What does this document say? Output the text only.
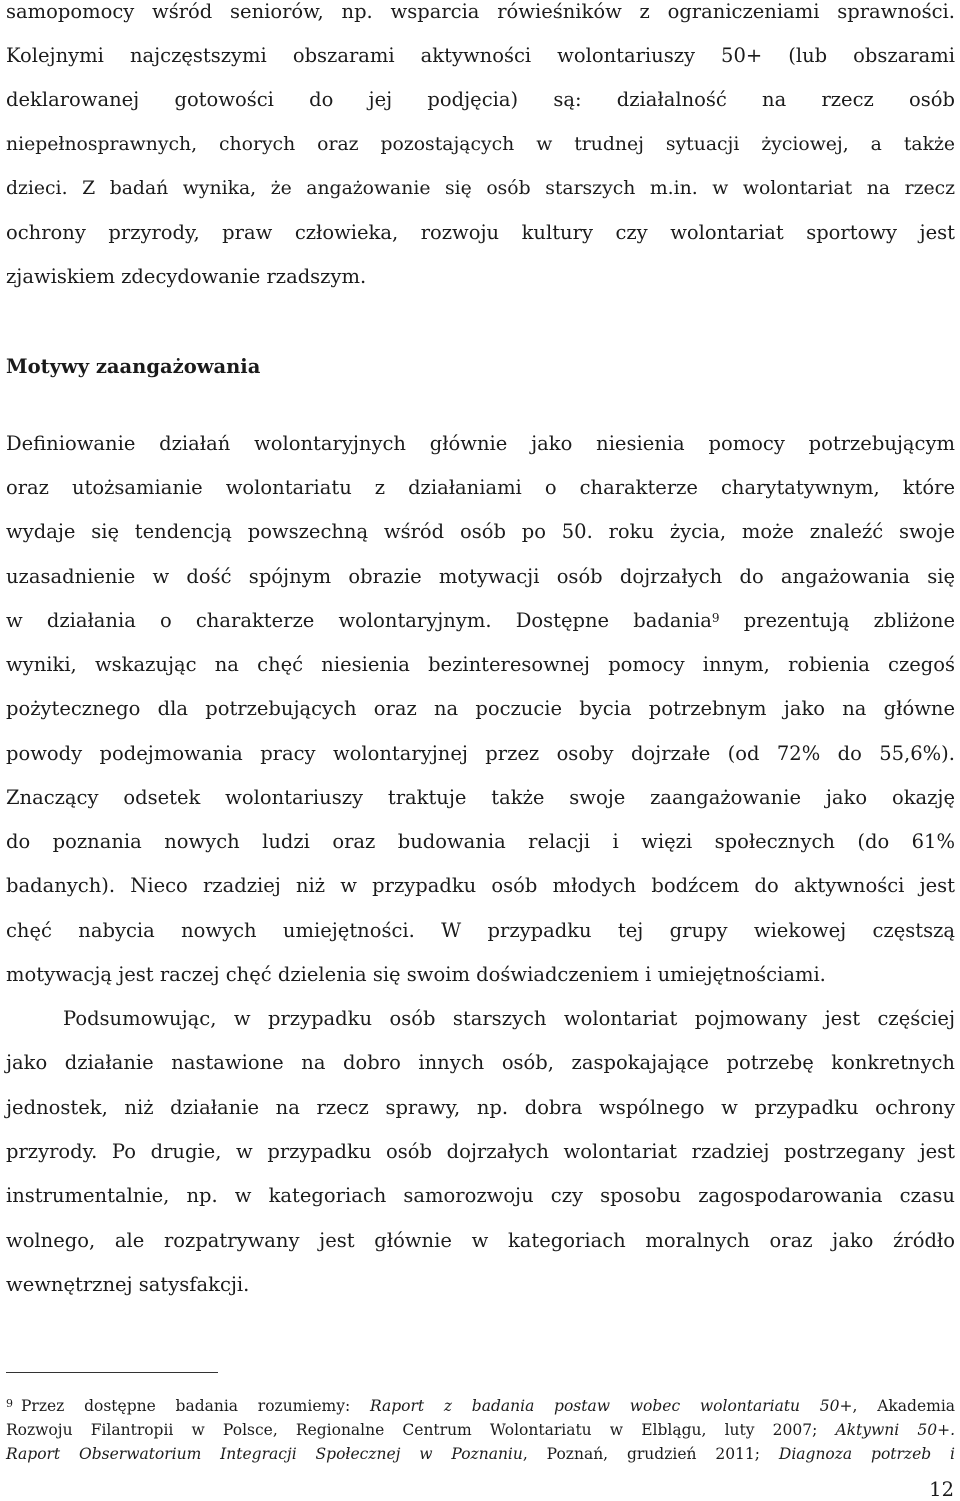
samopomocy wśród seniorów, np. wsparcia rówieśników z ograniczeniami sprawności.
Kolejnymi najczęstszymi obszarami aktywności wolontariuszy 50+ (lub obszarami
deklarowanej gotowości do jej podjęcia) są: działalność na rzecz osób
niepełnosprawnych, chorych oraz pozostających w trudnej sytuacji życiowej, a także
dzieci. Z badań wynika, że angażowanie się osób starszych m.in. w wolontariat na rzecz
ochrony przyrody, praw człowieka, rozwoju kultury czy wolontariat sportowy jest
zjawiskiem zdecydowanie rzadszym.
Motywy zaangażowania
Definiowanie działań wolontaryjnych głównie jako niesienia pomocy potrzebującym
oraz utożsamianie wolontariatu z działaniami o charakterze charytatywnym, które
wydaje się tendencją powszechną wśród osób po 50. roku życia, może znaleźć swoje
uzasadnienie w dość spójnym obrazie motywacji osób dojrzałych do angażowania się
w działania o charakterze wolontaryjnym. Dostępne badania$^9$ prezentują zbliżone
wyniki, wskazując na chęć niesienia bezinteresownej pomocy innym, robienia czegoś
pożytecznego dla potrzebujących oraz na poczucie bycia potrzebnym jako na główne
powody podejmowania pracy wolontaryjnej przez osoby dojrzałe (od 72% do 55,6%).
Znaczący odsetek wolontariuszy traktuje także swoje zaangażowanie jako okazję
do poznania nowych ludzi oraz budowania relacji i więzi społecznych (do 61%
badanych). Nieco rzadziej niż w przypadku osób młodych bodźcem do aktywności jest
chęć nabycia nowych umiejętności. W przypadku tej grupy wiekowej częstszą
motywacją jest raczej chęć dzielenia się swoim doświadczeniem i umiejętnościami.
Podsumowując, w przypadku osób starszych wolontariat pojmowany jest częściej
jako działanie nastawione na dobro innych osób, zaspokajające potrzebę konkretnych
jednostek, niż działanie na rzecz sprawy, np. dobra wspólnego w przypadku ochrony
przyrody. Po drugie, w przypadku osób dojrzałych wolontariat rzadziej postrzegany jest
instrumentalnie, np. w kategoriach samorozwoju czy sposobu zagospodarowania czasu
wolnego, ale rozpatrywany jest głównie w kategoriach moralnych oraz jako źródło
wewnętrznej satysfakcji.
$^9$ Przez dostępne badania rozumiemy: Raport z badania postaw wobec wolontariatu 50+, Akademia
Rozwoju Filantropii w Polsce, Regionalne Centrum Wolontariatu w Elblągu, luty 2007; Aktywni 50+.
Raport Obserwatorium Integracji Społecznej w Poznaniu, Poznań, grudzień 2011; Diagnoza potrzeb i
12
